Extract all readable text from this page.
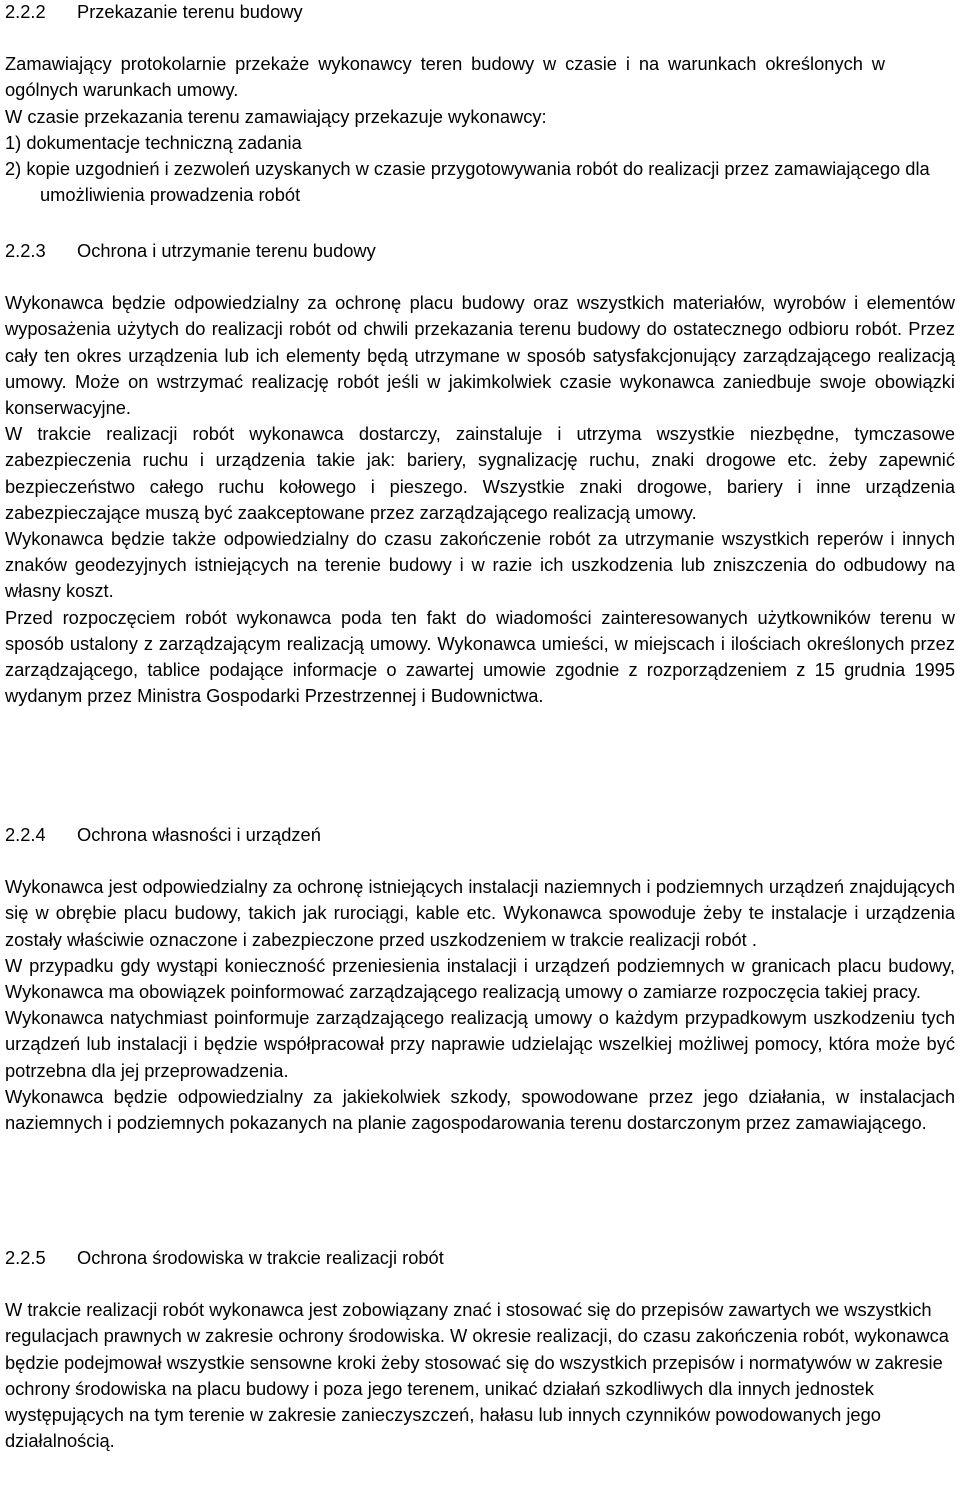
2.2.2 Przekazanie terenu budowy

Zamawiający protokolarnie przekaże wykonawcy teren budowy w czasie i na warunkach określonych w ogólnych warunkach umowy.

W czasie przekazania terenu zamawiający przekazuje wykonawcy:

1) dokumentacje techniczną zadania
2) kopie uzgodnień i zezwoleń uzyskanych w czasie przygotowywania robót do realizacji przez zamawiającego dla umożliwienia prowadzenia robót
2.2.3 Ochrona i utrzymanie terenu budowy

Wykonawca będzie odpowiedzialny za ochronę placu budowy oraz wszystkich materiałów, wyrobów i elementów wyposażenia użytych do realizacji robót od chwili przekazania terenu budowy do ostatecznego odbioru robót. Przez cały ten okres urządzenia lub ich elementy będą utrzymane w sposób satysfakcjonujący zarządzającego realizacją umowy. Może on wstrzymać realizację robót jeśli w jakimkolwiek czasie wykonawca zaniedbuje swoje obowiązki konserwacyjne.

W trakcie realizacji robót wykonawca dostarczy, zainstaluje i utrzyma wszystkie niezbędne, tymczasowe zabezpieczenia ruchu i urządzenia takie jak: bariery, sygnalizację ruchu, znaki drogowe etc. żeby zapewnić bezpieczeństwo całego ruchu kołowego i pieszego. Wszystkie znaki drogowe, bariery i inne urządzenia zabezpieczające muszą być zaakceptowane przez zarządzającego realizacją umowy.

Wykonawca będzie także odpowiedzialny do czasu zakończenie robót za utrzymanie wszystkich reperów i innych znaków geodezyjnych istniejących na terenie budowy i w razie ich uszkodzenia lub zniszczenia do odbudowy na własny koszt.

Przed rozpoczęciem robót wykonawca poda ten fakt do wiadomości zainteresowanych użytkowników terenu w sposób ustalony z zarządzającym realizacją umowy. Wykonawca umieści, w miejscach i ilościach określonych przez zarządzającego, tablice podające informacje o zawartej umowie zgodnie z rozporządzeniem z 15 grudnia 1995 wydanym przez Ministra Gospodarki Przestrzennej i Budownictwa.

2.2.4 Ochrona własności i urządzeń

Wykonawca jest odpowiedzialny za ochronę istniejących instalacji naziemnych i podziemnych urządzeń znajdujących się w obrębie placu budowy, takich jak rurociągi, kable etc. Wykonawca spowoduje żeby te instalacje i urządzenia zostały właściwie oznaczone i zabezpieczone przed uszkodzeniem w trakcie realizacji robót .

W przypadku gdy wystąpi konieczność przeniesienia instalacji i urządzeń podziemnych w granicach placu budowy, Wykonawca ma obowiązek poinformować zarządzającego realizacją umowy o zamiarze rozpoczęcia takiej pracy.

Wykonawca natychmiast poinformuje zarządzającego realizacją umowy o każdym przypadkowym uszkodzeniu tych urządzeń lub instalacji i będzie współpracował przy naprawie udzielając wszelkiej możliwej pomocy, która może być potrzebna dla jej przeprowadzenia.

Wykonawca będzie odpowiedzialny za jakiekolwiek szkody, spowodowane przez jego działania, w instalacjach naziemnych i podziemnych pokazanych na planie zagospodarowania terenu dostarczonym przez zamawiającego.

2.2.5 Ochrona środowiska w trakcie realizacji robót

W trakcie realizacji robót wykonawca jest zobowiązany znać i stosować się do przepisów zawartych we wszystkich regulacjach prawnych w zakresie ochrony środowiska. W okresie realizacji, do czasu zakończenia robót, wykonawca będzie podejmował wszystkie sensowne kroki żeby stosować się do wszystkich przepisów i normatywów w zakresie ochrony środowiska na placu budowy i poza jego terenem, unikać działań szkodliwych dla innych jednostek występujących na tym terenie w zakresie zanieczyszczeń, hałasu lub innych czynników powodowanych jego działalnością.
